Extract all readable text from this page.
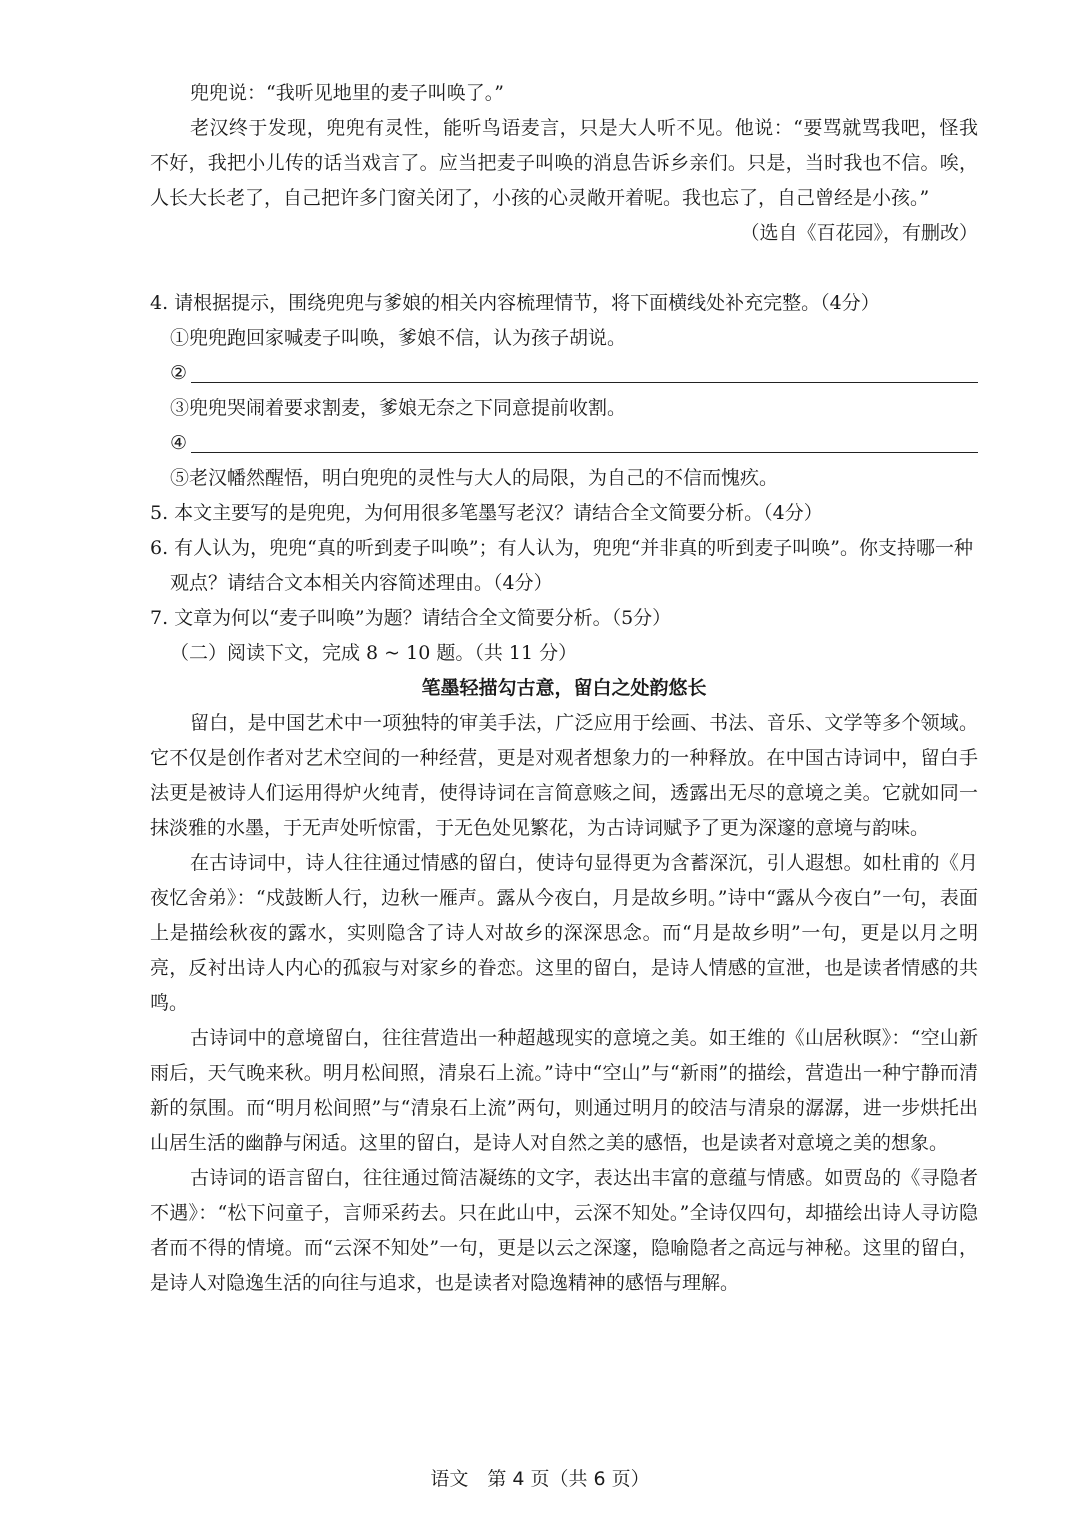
兜兜说：“我听见地里的麦子叫唤了。”

老汉终于发现，兜兜有灵性，能听鸟语麦言，只是大人听不见。他说：“要骂就骂我吧，怪我不好，我把小儿传的话当戏言了。应当把麦子叫唤的消息告诉乡亲们。只是，当时我也不信。唉，人长大长老了，自己把许多门窗关闭了，小孩的心灵敞开着呢。我也忘了，自己曾经是小孩。”

（选自《百花园》，有删改）

4. 请根据提示，围绕兜兜与爹娘的相关内容梳理情节，将下面横线处补充完整。（4分）

①兜兜跑回家喊麦子叫唤，爹娘不信，认为孩子胡说。

②

③兜兜哭闹着要求割麦，爹娘无奈之下同意提前收割。

④

⑤老汉幡然醒悟，明白兜兜的灵性与大人的局限，为自己的不信而愧疚。

5. 本文主要写的是兜兜，为何用很多笔墨写老汉？请结合全文简要分析。（4分）

6. 有人认为，兜兜“真的听到麦子叫唤”；有人认为，兜兜“并非真的听到麦子叫唤”。你支持哪一种观点？请结合文本相关内容简述理由。（4分）

7. 文章为何以“麦子叫唤”为题？请结合全文简要分析。（5分）

（二）阅读下文，完成 8 ~ 10 题。（共 11 分）

笔墨轻描勾古意，留白之处韵悠长

留白，是中国艺术中一项独特的审美手法，广泛应用于绘画、书法、音乐、文学等多个领域。它不仅是创作者对艺术空间的一种经营，更是对观者想象力的一种释放。在中国古诗词中，留白手法更是被诗人们运用得炉火纯青，使得诗词在言简意赅之间，透露出无尽的意境之美。它就如同一抹淡雅的水墨，于无声处听惊雷，于无色处见繁花，为古诗词赋予了更为深邃的意境与韵味。

在古诗词中，诗人往往通过情感的留白，使诗句显得更为含蓄深沉，引人遐想。如杜甫的《月夜忆舍弟》：“戍鼓断人行，边秋一雁声。露从今夜白，月是故乡明。”诗中“露从今夜白”一句，表面上是描绘秋夜的露水，实则隐含了诗人对故乡的深深思念。而“月是故乡明”一句，更是以月之明亮，反衬出诗人内心的孤寂与对家乡的眷恋。这里的留白，是诗人情感的宣泄，也是读者情感的共鸣。

古诗词中的意境留白，往往营造出一种超越现实的意境之美。如王维的《山居秋暝》：“空山新雨后，天气晚来秋。明月松间照，清泉石上流。”诗中“空山”与“新雨”的描绘，营造出一种宁静而清新的氛围。而“明月松间照”与“清泉石上流”两句，则通过明月的皎洁与清泉的潺潺，进一步烘托出山居生活的幽静与闲适。这里的留白，是诗人对自然之美的感悟，也是读者对意境之美的想象。

古诗词的语言留白，往往通过简洁凝练的文字，表达出丰富的意蕴与情感。如贾岛的《寻隐者不遇》：“松下问童子，言师采药去。只在此山中，云深不知处。”全诗仅四句，却描绘出诗人寻访隐者而不得的情境。而“云深不知处”一句，更是以云之深邃，隐喻隐者之高远与神秘。这里的留白，是诗人对隐逸生活的向往与追求，也是读者对隐逸精神的感悟与理解。

语文　第 4 页（共 6 页）
